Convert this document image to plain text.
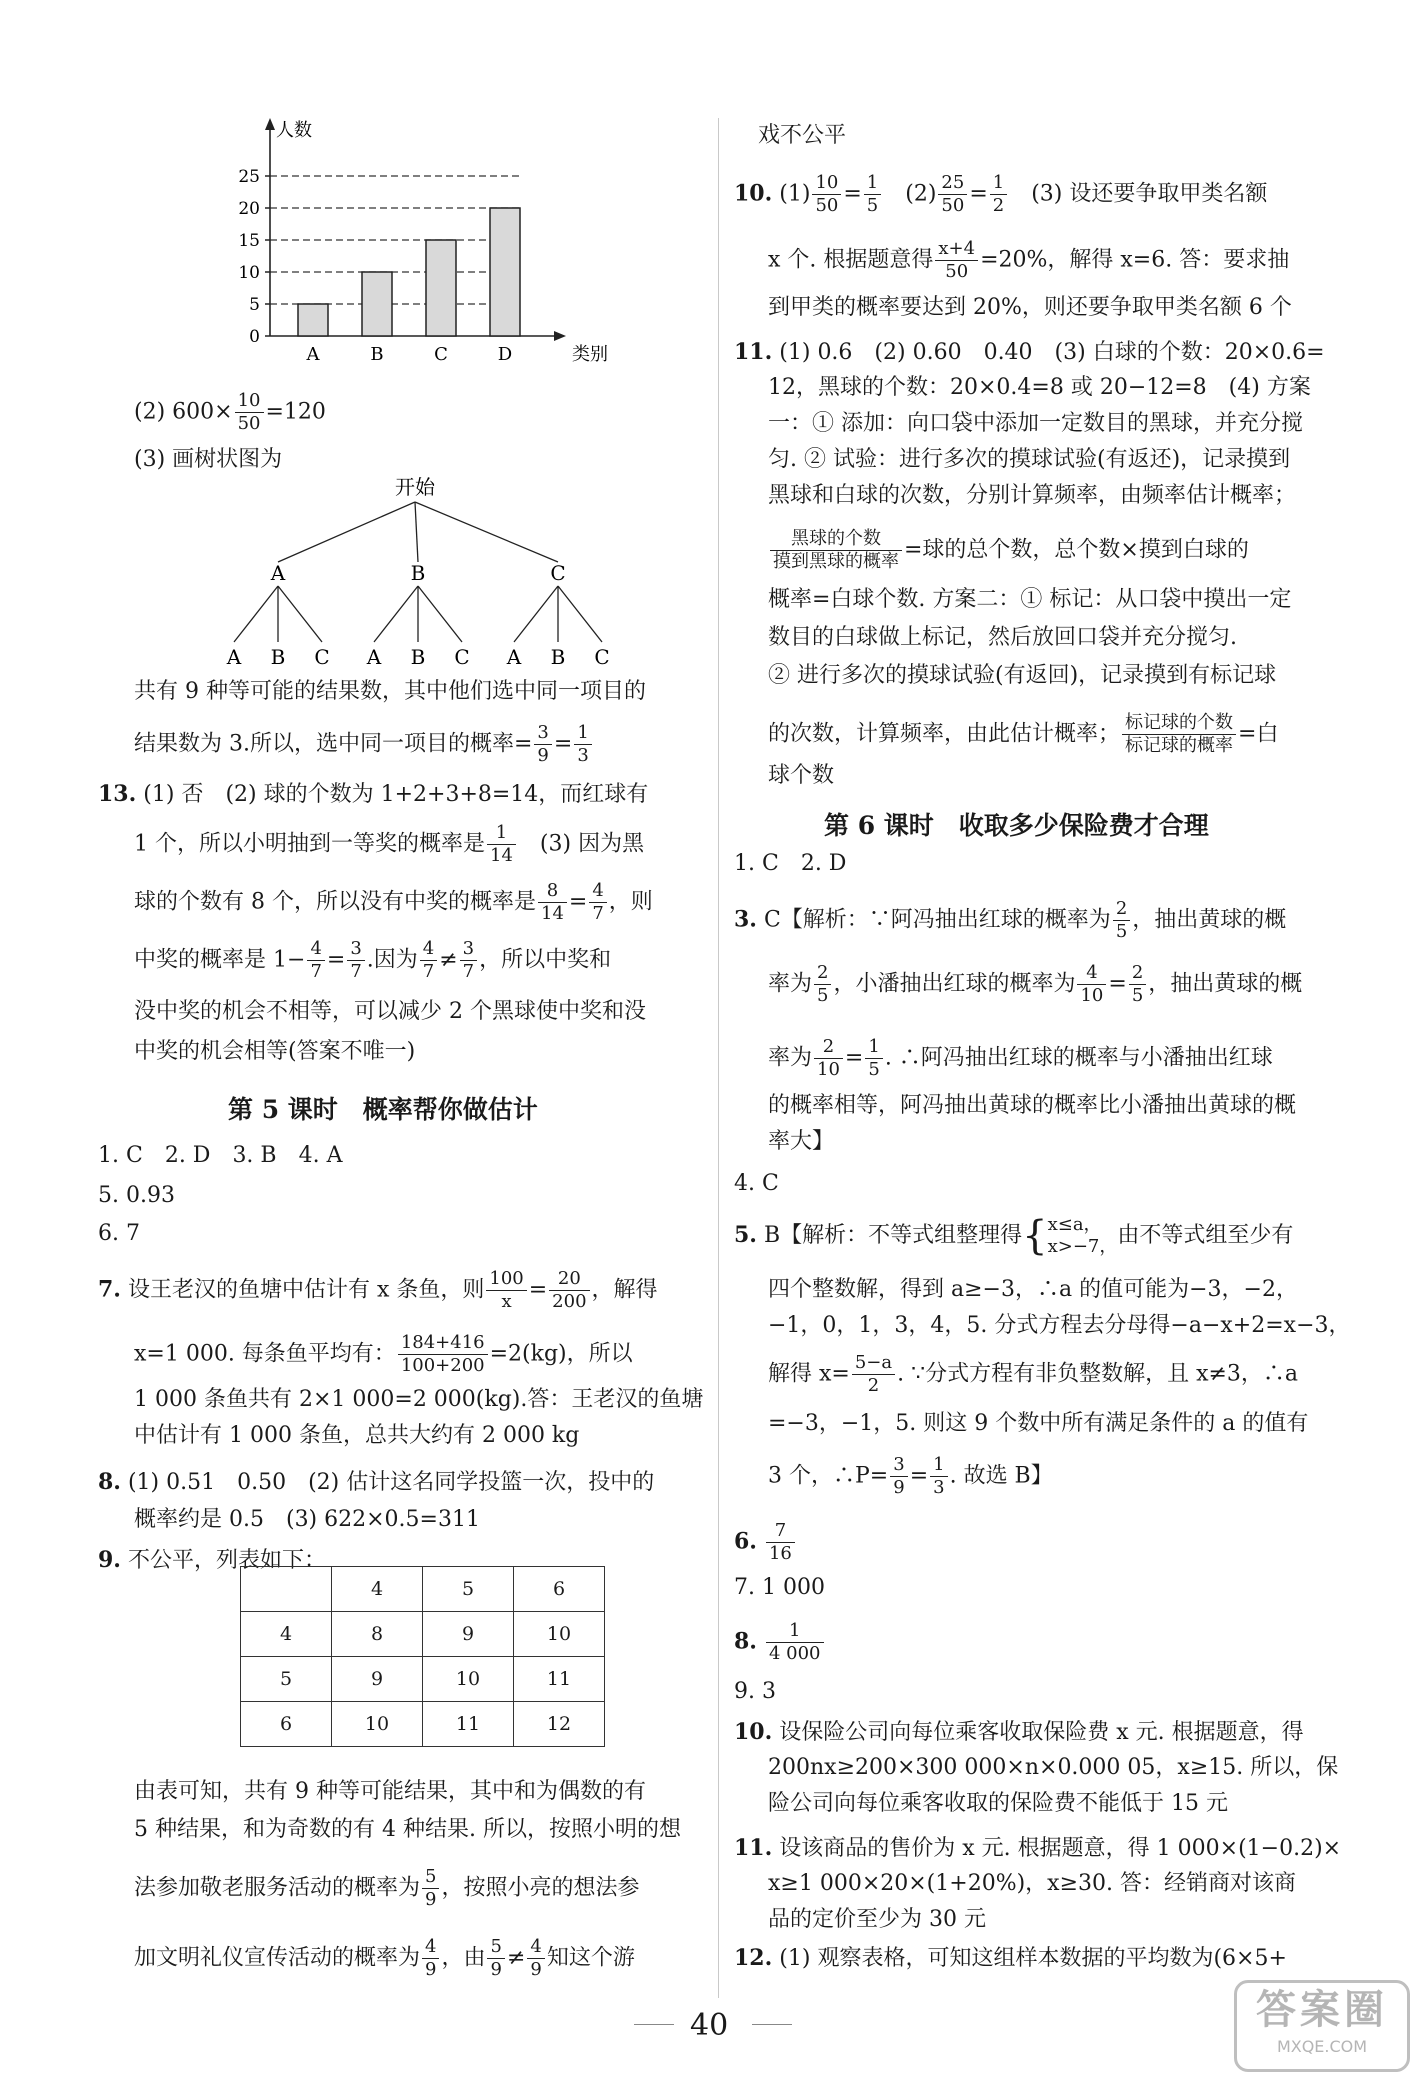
0
5
10
15
20
25
人数
类别
A	B	C	D
(2) $600\times \frac{10}{50} =120$
(3) 画树状图为
开始
A
A B C
B
A B C
C
A B C
共有 9 种等可能的结果数，其中他们选中同一项目的
结果数为 3.所以，选中同一项目的概率= $\frac{3}{9} = \frac{1}{3}$
13. (1) 否　(2) 球的个数为 1+2+3+8=14，而红球有
1 个，所以小明抽到一等奖的概率是 $\frac{1}{14}$ 　(3) 因为黑
球的个数有 8 个，所以没有中奖的概率是 $\frac{8}{14} = \frac{4}{7}$ ，则
中奖的概率是 $1- \frac{4}{7} = \frac{3}{7}$ .因为 $\frac{4}{7} \ne \frac{3}{7}$ ，所以中奖和
没中奖的机会不相等，可以减少 2 个黑球使中奖和没
中奖的机会相等(答案不唯一)
第 5 课时　概率帮你做估计
1. C　2. D　3. B　4. A
5. 0.93
6. 7
7. 设王老汉的鱼塘中估计有 x 条鱼，则 $\frac{100}{x} = \frac{20}{200}$ ，解得
x=1 000. 每条鱼平均有： $\frac{184+416}{100+200} =2(kg)$，所以
1 000 条鱼共有 2×1 000=2 000(kg).答：王老汉的鱼塘
中估计有 1 000 条鱼，总共大约有 2 000 kg
8. (1) 0.51　0.50　(2) 估计这名同学投篮一次，投中的
概率约是 0.5　(3) 622×0.5=311
9. 不公平，列表如下：
	4	5	6
4	8	9	10
5	9	10	11
6	10	11	12
由表可知，共有 9 种等可能结果，其中和为偶数的有
5 种结果，和为奇数的有 4 种结果. 所以，按照小明的想
法参加敬老服务活动的概率为 $\frac{5}{9}$ ，按照小亮的想法参
加文明礼仪宣传活动的概率为 $\frac{4}{9}$ ，由 $\frac{5}{9} \ne \frac{4}{9}$ 知这个游
戏不公平
10. $(1) \frac{10}{50} = \frac{1}{5}$ 　$(2) \frac{25}{50} = \frac{1}{2}$ 　(3) 设还要争取甲类名额
x 个. 根据题意得 $\frac{x+4}{50} =20\%$，解得 x=6. 答：要求抽
到甲类的概率要达到 20%，则还要争取甲类名额 6 个
11. (1) 0.6　(2) 0.60　0.40　(3) 白球的个数：20×0.6=
12，黑球的个数：20×0.4=8 或 20−12=8　(4) 方案
一：① 添加：向口袋中添加一定数目的黑球，并充分搅
匀. ② 试验：进行多次的摸球试验(有返还)，记录摸到
黑球和白球的次数，分别计算频率，由频率估计概率；
黑球的个数
摸到黑球的概率 =球的总个数，总个数×摸到白球的
概率=白球个数. 方案二：① 标记：从口袋中摸出一定
数目的白球做上标记，然后放回口袋并充分搅匀.
② 进行多次的摸球试验(有返回)，记录摸到有标记球
的次数，计算频率，由此估计概率； 标记球的个数
标记球的概率 =白
球个数
第 6 课时　收取多少保险费才合理
1. C　2. D
3. C【解析：∵阿冯抽出红球的概率为 $\frac{2}{5}$ ，抽出黄球的概
率为 $\frac{2}{5}$ ，小潘抽出红球的概率为 $\frac{4}{10} = \frac{2}{5}$ ，抽出黄球的概
率为 $\frac{2}{10} = \frac{1}{5}$ . ∴阿冯抽出红球的概率与小潘抽出红球
的概率相等，阿冯抽出黄球的概率比小潘抽出黄球的概
率大】
4. C
5. B【解析：不等式组整理得{ x≤a，
x>−7， 由不等式组至少有
四个整数解，得到 a≥−3，∴a 的值可能为−3，−2，
−1，0，1，3，4，5. 分式方程去分母得−a−x+2=x−3，
解得 $x= \frac{5-a}{2}$ . ∵分式方程有非负整数解，且 x≠3，∴a
=−3，−1，5. 则这 9 个数中所有满足条件的 a 的值有
3 个，∴P= $\frac{3}{9} = \frac{1}{3}$ . 故选 B】
6. $\frac{7}{16}$
7. 1 000
8. $\frac{1}{4 000}$
9. 3
10. 设保险公司向每位乘客收取保险费 x 元. 根据题意，得
200nx≥200×300 000×n×0.000 05，x≥15. 所以，保
险公司向每位乘客收取的保险费不能低于 15 元
11. 设该商品的售价为 x 元. 根据题意，得 1 000×(1−0.2)×
x≥1 000×20×(1+20%)，x≥30. 答：经销商对该商
品的定价至少为 30 元
12. (1) 观察表格，可知这组样本数据的平均数为(6×5+
40	答案圈
MXQE.COM
